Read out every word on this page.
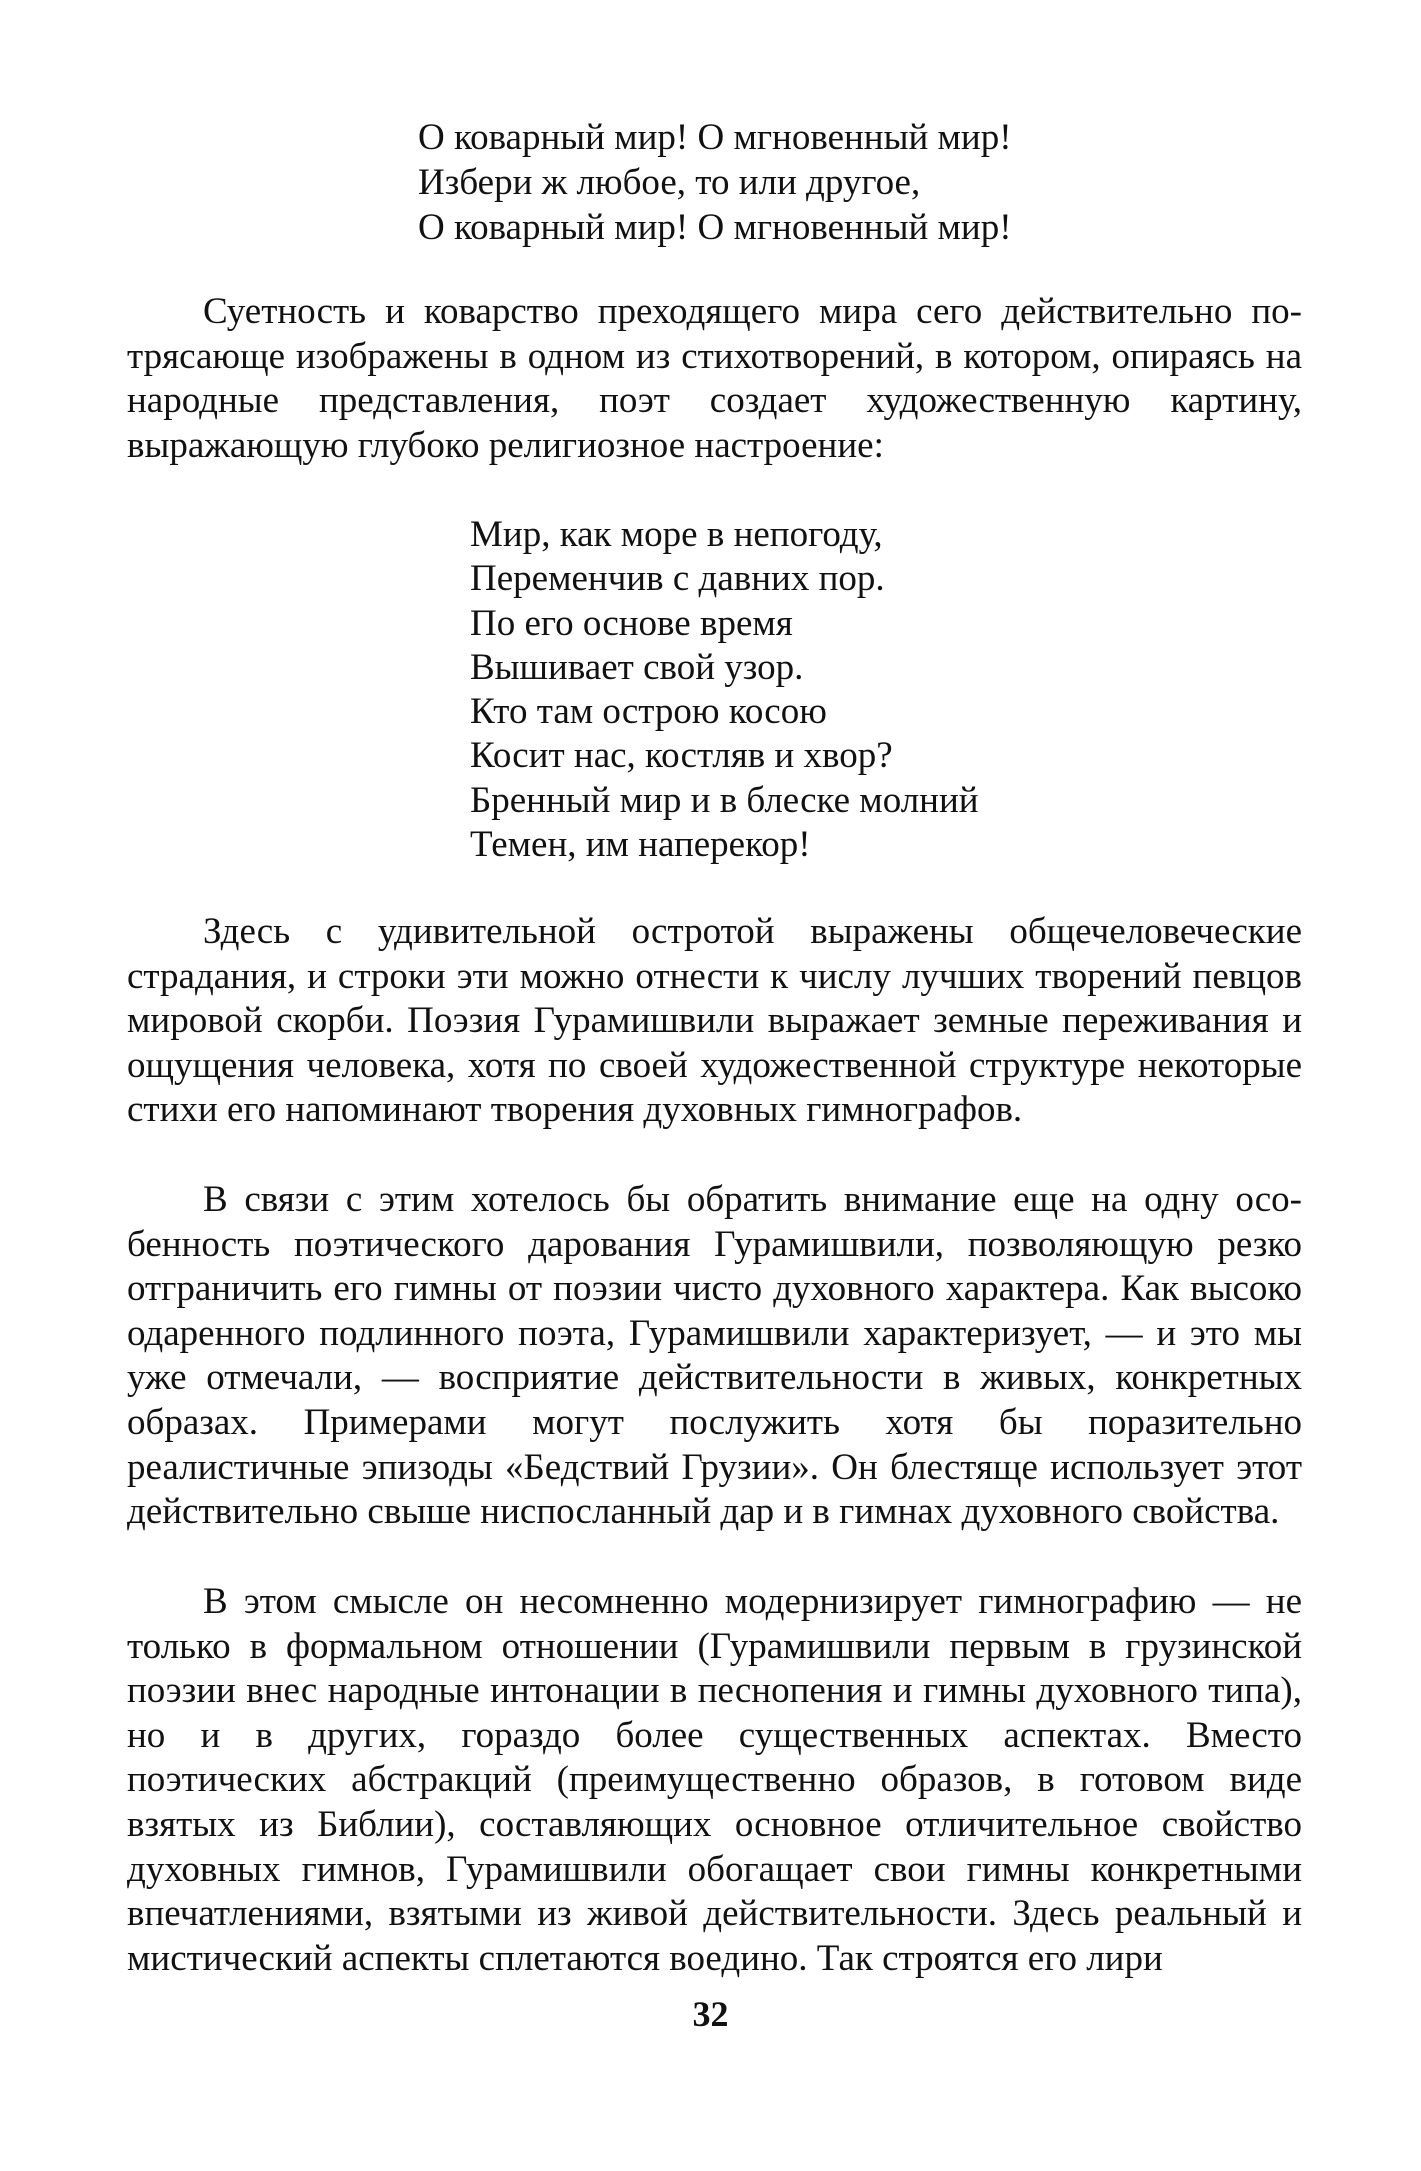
О коварный мир! О мгновенный мир!
Избери ж любое, то или другое,
О коварный мир! О мгновенный мир!

Суетность и коварство преходящего мира сего действительно потрясающе изображены в одном из стихотворений, в котором, опираясь на народные представления, поэт создает художественную картину, выражающую глубоко религиозное настроение:

Мир, как море в непогоду,
Переменчив с давних пор.
По его основе время
Вышивает свой узор.
Кто там острою косою
Косит нас, костляв и хвор?
Бренный мир и в блеске молний
Темен, им наперекор!

Здесь с удивительной остротой выражены общечеловеческие страдания, и строки эти можно отнести к числу лучших творений певцов мировой скорби. Поэзия Гурамишвили выражает земные переживания и ощущения человека, хотя по своей художественной структуре некоторые стихи его напоминают творения духовных гимнографов.

В связи с этим хотелось бы обратить внимание еще на одну особенность поэтического дарования Гурамишвили, позволяющую резко отграничить его гимны от поэзии чисто духовного характера. Как высоко одаренного подлинного поэта, Гурамишвили характеризует, — и это мы уже отмечали, — восприятие действительности в живых, конкретных образах. Примерами могут послужить хотя бы поразительно реалистичные эпизоды «Бедствий Грузии». Он блестяще использует этот действительно свыше ниспосланный дар и в гимнах духовного свойства.

В этом смысле он несомненно модернизирует гимнографию — не только в формальном отношении (Гурамишвили первым в грузинской поэзии внес народные интонации в песнопения и гимны духовного типа), но и в других, гораздо более существенных аспектах. Вместо поэтических абстракций (преимущественно образов, в готовом виде взятых из Библии), составляющих основное отличительное свойство духовных гимнов, Гурамишвили обогащает свои гимны конкретными впечатлениями, взятыми из живой действительности. Здесь реальный и мистический аспекты сплетаются воедино. Так строятся его лири

32
